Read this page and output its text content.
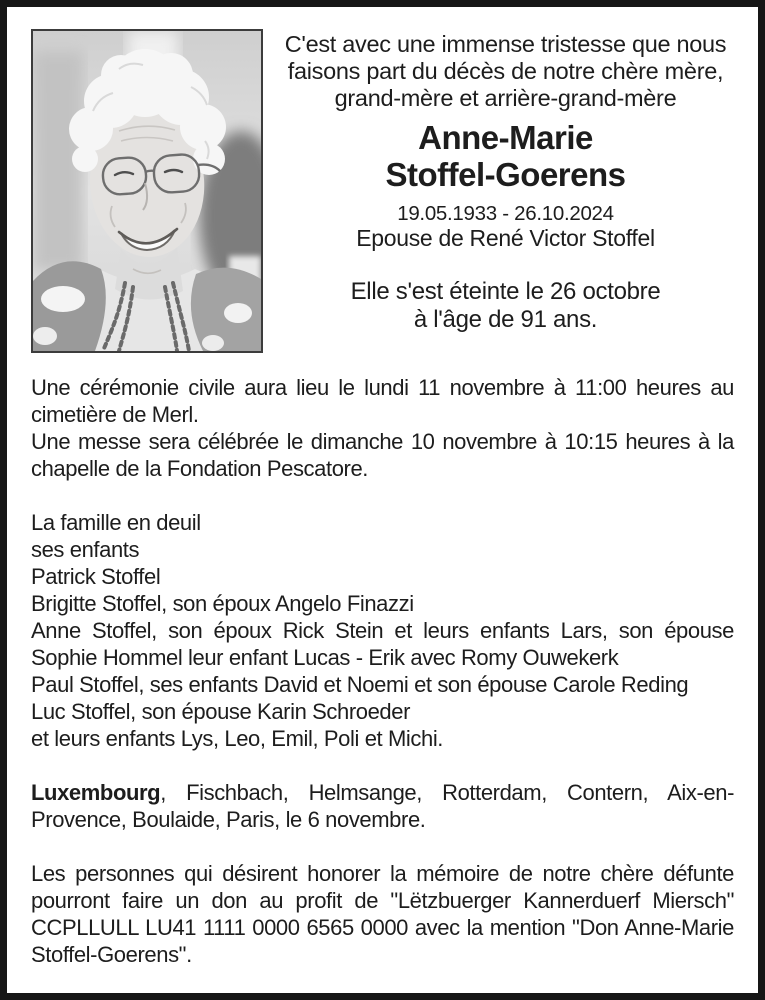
C'est avec une immense tristesse que nous faisons part du décès de notre chère mère, grand-mère et arrière-grand-mère
Anne-Marie
Stoffel-Goerens
19.05.1933 - 26.10.2024
Epouse de René Victor Stoffel
Elle s'est éteinte le 26 octobre
à l'âge de 91 ans.
Une cérémonie civile aura lieu le lundi 11 novembre à 11:00 heures au cimetière de Merl.
Une messe sera célébrée le dimanche 10 novembre à 10:15 heures à la chapelle de la Fondation Pescatore.
La famille en deuil
ses enfants
Patrick Stoffel
Brigitte Stoffel, son époux Angelo Finazzi
Anne Stoffel, son époux Rick Stein et leurs enfants Lars, son épouse Sophie Hommel leur enfant Lucas - Erik avec Romy Ouwekerk
Paul Stoffel, ses enfants David et Noemi et son épouse Carole Reding
Luc Stoffel, son épouse Karin Schroeder
et leurs enfants Lys, Leo, Emil, Poli et Michi.
Luxembourg, Fischbach, Helmsange, Rotterdam, Contern, Aix-en-Provence, Boulaide, Paris, le 6 novembre.
Les personnes qui désirent honorer la mémoire de notre chère défunte pourront faire un don au profit de "Lëtzbuerger Kannerduerf Miersch" CCPLLULL LU41 1111 0000 6565 0000 avec la mention "Don Anne-Marie Stoffel-Goerens".
